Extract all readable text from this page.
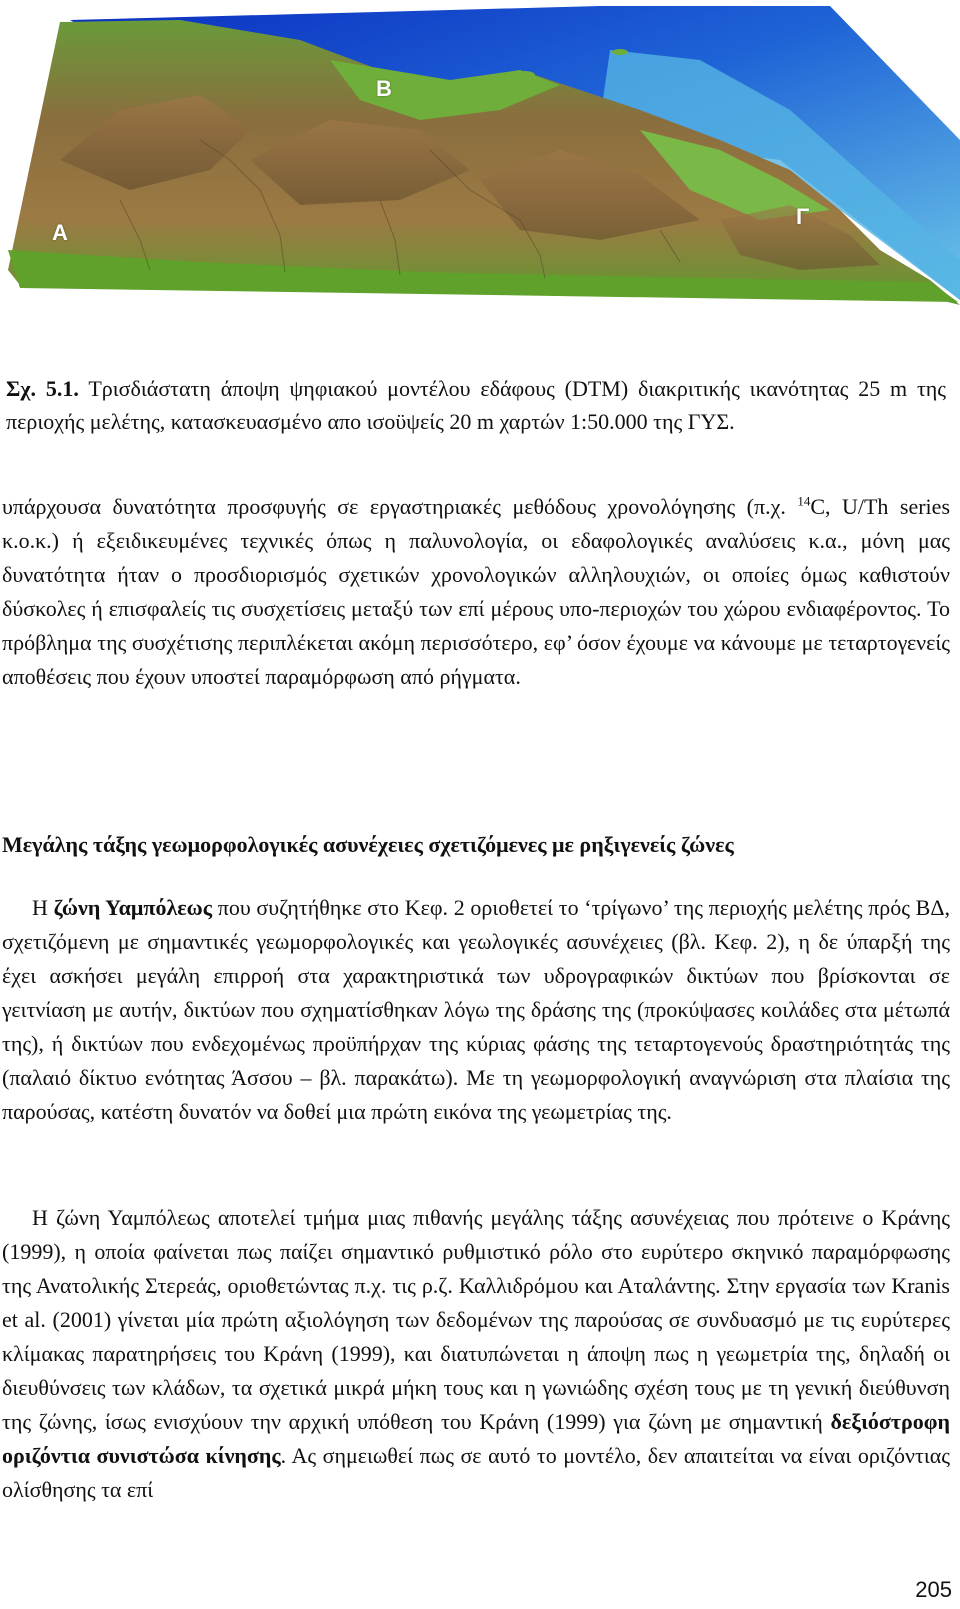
Α
Β
Γ
Σχ. 5.1. Τρισδιάστατη άποψη ψηφιακού μοντέλου εδάφους (DTM) διακριτικής ικανότητας 25 m της περιοχής μελέτης, κατασκευασμένο απο ισοϋψείς 20 m χαρτών 1:50.000 της ΓΥΣ.

υπάρχουσα δυνατότητα προσφυγής σε εργαστηριακές μεθόδους χρονολόγησης (π.χ. $^{14}$C, U/Th series κ.ο.κ.) ή εξειδικευμένες τεχνικές όπως η παλυνολογία, οι εδαφολογικές αναλύσεις κ.α., μόνη μας δυνατότητα ήταν ο προσδιορισμός σχετικών χρονολογικών αλληλουχιών, οι οποίες όμως καθιστούν δύσκολες ή επισφαλείς τις συσχετίσεις μεταξύ των επί μέρους υπο-περιοχών του χώρου ενδιαφέροντος. Το πρόβλημα της συσχέτισης περιπλέκεται ακόμη περισσότερο, εφ’ όσον έχουμε να κάνουμε με τεταρτογενείς αποθέσεις που έχουν υποστεί παραμόρφωση από ρήγματα.

Μεγάλης τάξης γεωμορφολογικές ασυνέχειες σχετιζόμενες με ρηξιγενείς ζώνες

Η ζώνη Υαμπόλεως που συζητήθηκε στο Κεφ. 2 οριοθετεί το ‘τρίγωνο’ της περιοχής μελέτης πρός ΒΔ, σχετιζόμενη με σημαντικές γεωμορφολογικές και γεωλογικές ασυνέχειες (βλ. Κεφ. 2), η δε ύπαρξή της έχει ασκήσει μεγάλη επιρροή στα χαρακτηριστικά των υδρογραφικών δικτύων που βρίσκονται σε γειτνίαση με αυτήν, δικτύων που σχηματίσθηκαν λόγω της δράσης της (προκύψασες κοιλάδες στα μέτωπά της), ή δικτύων που ενδεχομένως προϋπήρχαν της κύριας φάσης της τεταρτογενούς δραστηριότητάς της (παλαιό δίκτυο ενότητας Άσσου – βλ. παρακάτω). Με τη γεωμορφολογική αναγνώριση στα πλαίσια της παρούσας, κατέστη δυνατόν να δοθεί μια πρώτη εικόνα της γεωμετρίας της.

Η ζώνη Υαμπόλεως αποτελεί τμήμα μιας πιθανής μεγάλης τάξης ασυνέχειας που πρότεινε ο Κράνης (1999), η οποία φαίνεται πως παίζει σημαντικό ρυθμιστικό ρόλο στο ευρύτερο σκηνικό παραμόρφωσης της Ανατολικής Στερεάς, οριοθετώντας π.χ. τις ρ.ζ. Καλλιδρόμου και Αταλάντης. Στην εργασία των Kranis et al. (2001) γίνεται μία πρώτη αξιολόγηση των δεδομένων της παρούσας σε συνδυασμό με τις ευρύτερες κλίμακας παρατηρήσεις του Κράνη (1999), και διατυπώνεται η άποψη πως η γεωμετρία της, δηλαδή οι διευθύνσεις των κλάδων, τα σχετικά μικρά μήκη τους και η γωνιώδης σχέση τους με τη γενική διεύθυνση της ζώνης, ίσως ενισχύουν την αρχική υπόθεση του Κράνη (1999) για ζώνη με σημαντική δεξιόστροφη οριζόντια συνιστώσα κίνησης. Ας σημειωθεί πως σε αυτό το μοντέλο, δεν απαιτείται να είναι οριζόντιας ολίσθησης τα επί

205
